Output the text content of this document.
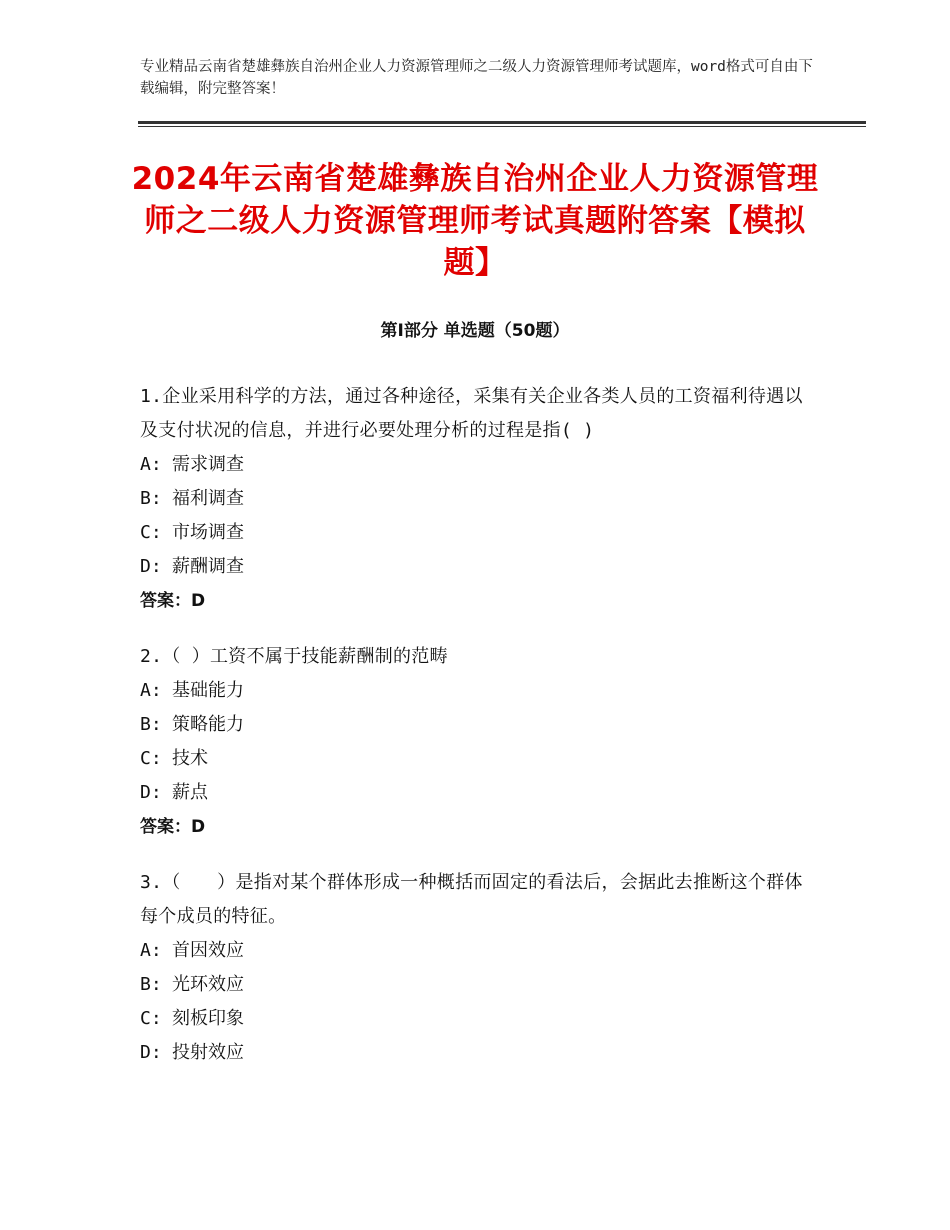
专业精品云南省楚雄彝族自治州企业人力资源管理师之二级人力资源管理师考试题库，word格式可自由下载编辑，附完整答案！
2024年云南省楚雄彝族自治州企业人力资源管理师之二级人力资源管理师考试真题附答案【模拟题】
第Ⅰ部分 单选题（50题）
1.企业采用科学的方法，通过各种途径，采集有关企业各类人员的工资福利待遇以及支付状况的信息，并进行必要处理分析的过程是指( )
A: 需求调查
B: 福利调查
C: 市场调查
D: 薪酬调查
答案：D
2.（ ）工资不属于技能薪酬制的范畴
A: 基础能力
B: 策略能力
C: 技术
D: 薪点
答案：D
3.（　　）是指对某个群体形成一种概括而固定的看法后，会据此去推断这个群体每个成员的特征。
A: 首因效应
B: 光环效应
C: 刻板印象
D: 投射效应
